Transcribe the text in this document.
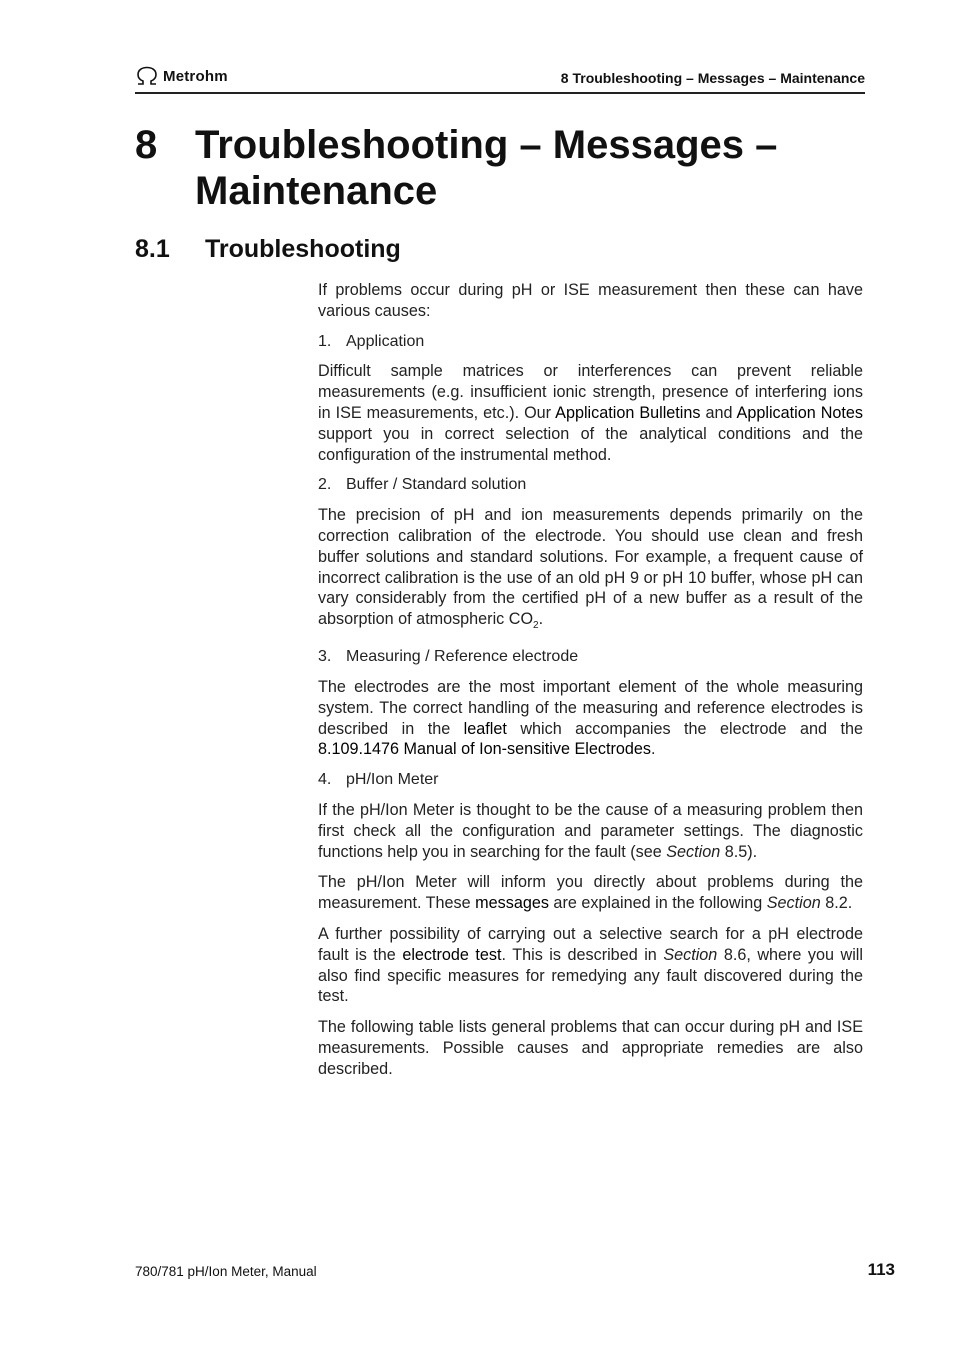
Metrohm	8 Troubleshooting – Messages – Maintenance
8 Troubleshooting – Messages – Maintenance
8.1 Troubleshooting

If problems occur during pH or ISE measurement then these can have various causes:

1. Application

Difficult sample matrices or interferences can prevent reliable measurements (e.g. insufficient ionic strength, presence of interfering ions in ISE measurements, etc.). Our Application Bulletins and Application Notes support you in correct selection of the analytical conditions and the configuration of the instrumental method.

2. Buffer / Standard solution

The precision of pH and ion measurements depends primarily on the correction calibration of the electrode. You should use clean and fresh buffer solutions and standard solutions. For example, a frequent cause of incorrect calibration is the use of an old pH 9 or pH 10 buffer, whose pH can vary considerably from the certified pH of a new buffer as a result of the absorption of atmospheric $CO_2$.

3. Measuring / Reference electrode

The electrodes are the most important element of the whole measuring system. The correct handling of the measuring and reference electrodes is described in the leaflet which accompanies the electrode and the 8.109.1476 Manual of Ion-sensitive Electrodes.

4. pH/Ion Meter

If the pH/Ion Meter is thought to be the cause of a measuring problem then first check all the configuration and parameter settings. The diagnostic functions help you in searching for the fault (see Section 8.5).

The pH/Ion Meter will inform you directly about problems during the measurement. These messages are explained in the following Section 8.2.

A further possibility of carrying out a selective search for a pH electrode fault is the electrode test. This is described in Section 8.6, where you will also find specific measures for remedying any fault discovered during the test.

The following table lists general problems that can occur during pH and ISE measurements. Possible causes and appropriate remedies are also described.

780/781 pH/Ion Meter, Manual	113
